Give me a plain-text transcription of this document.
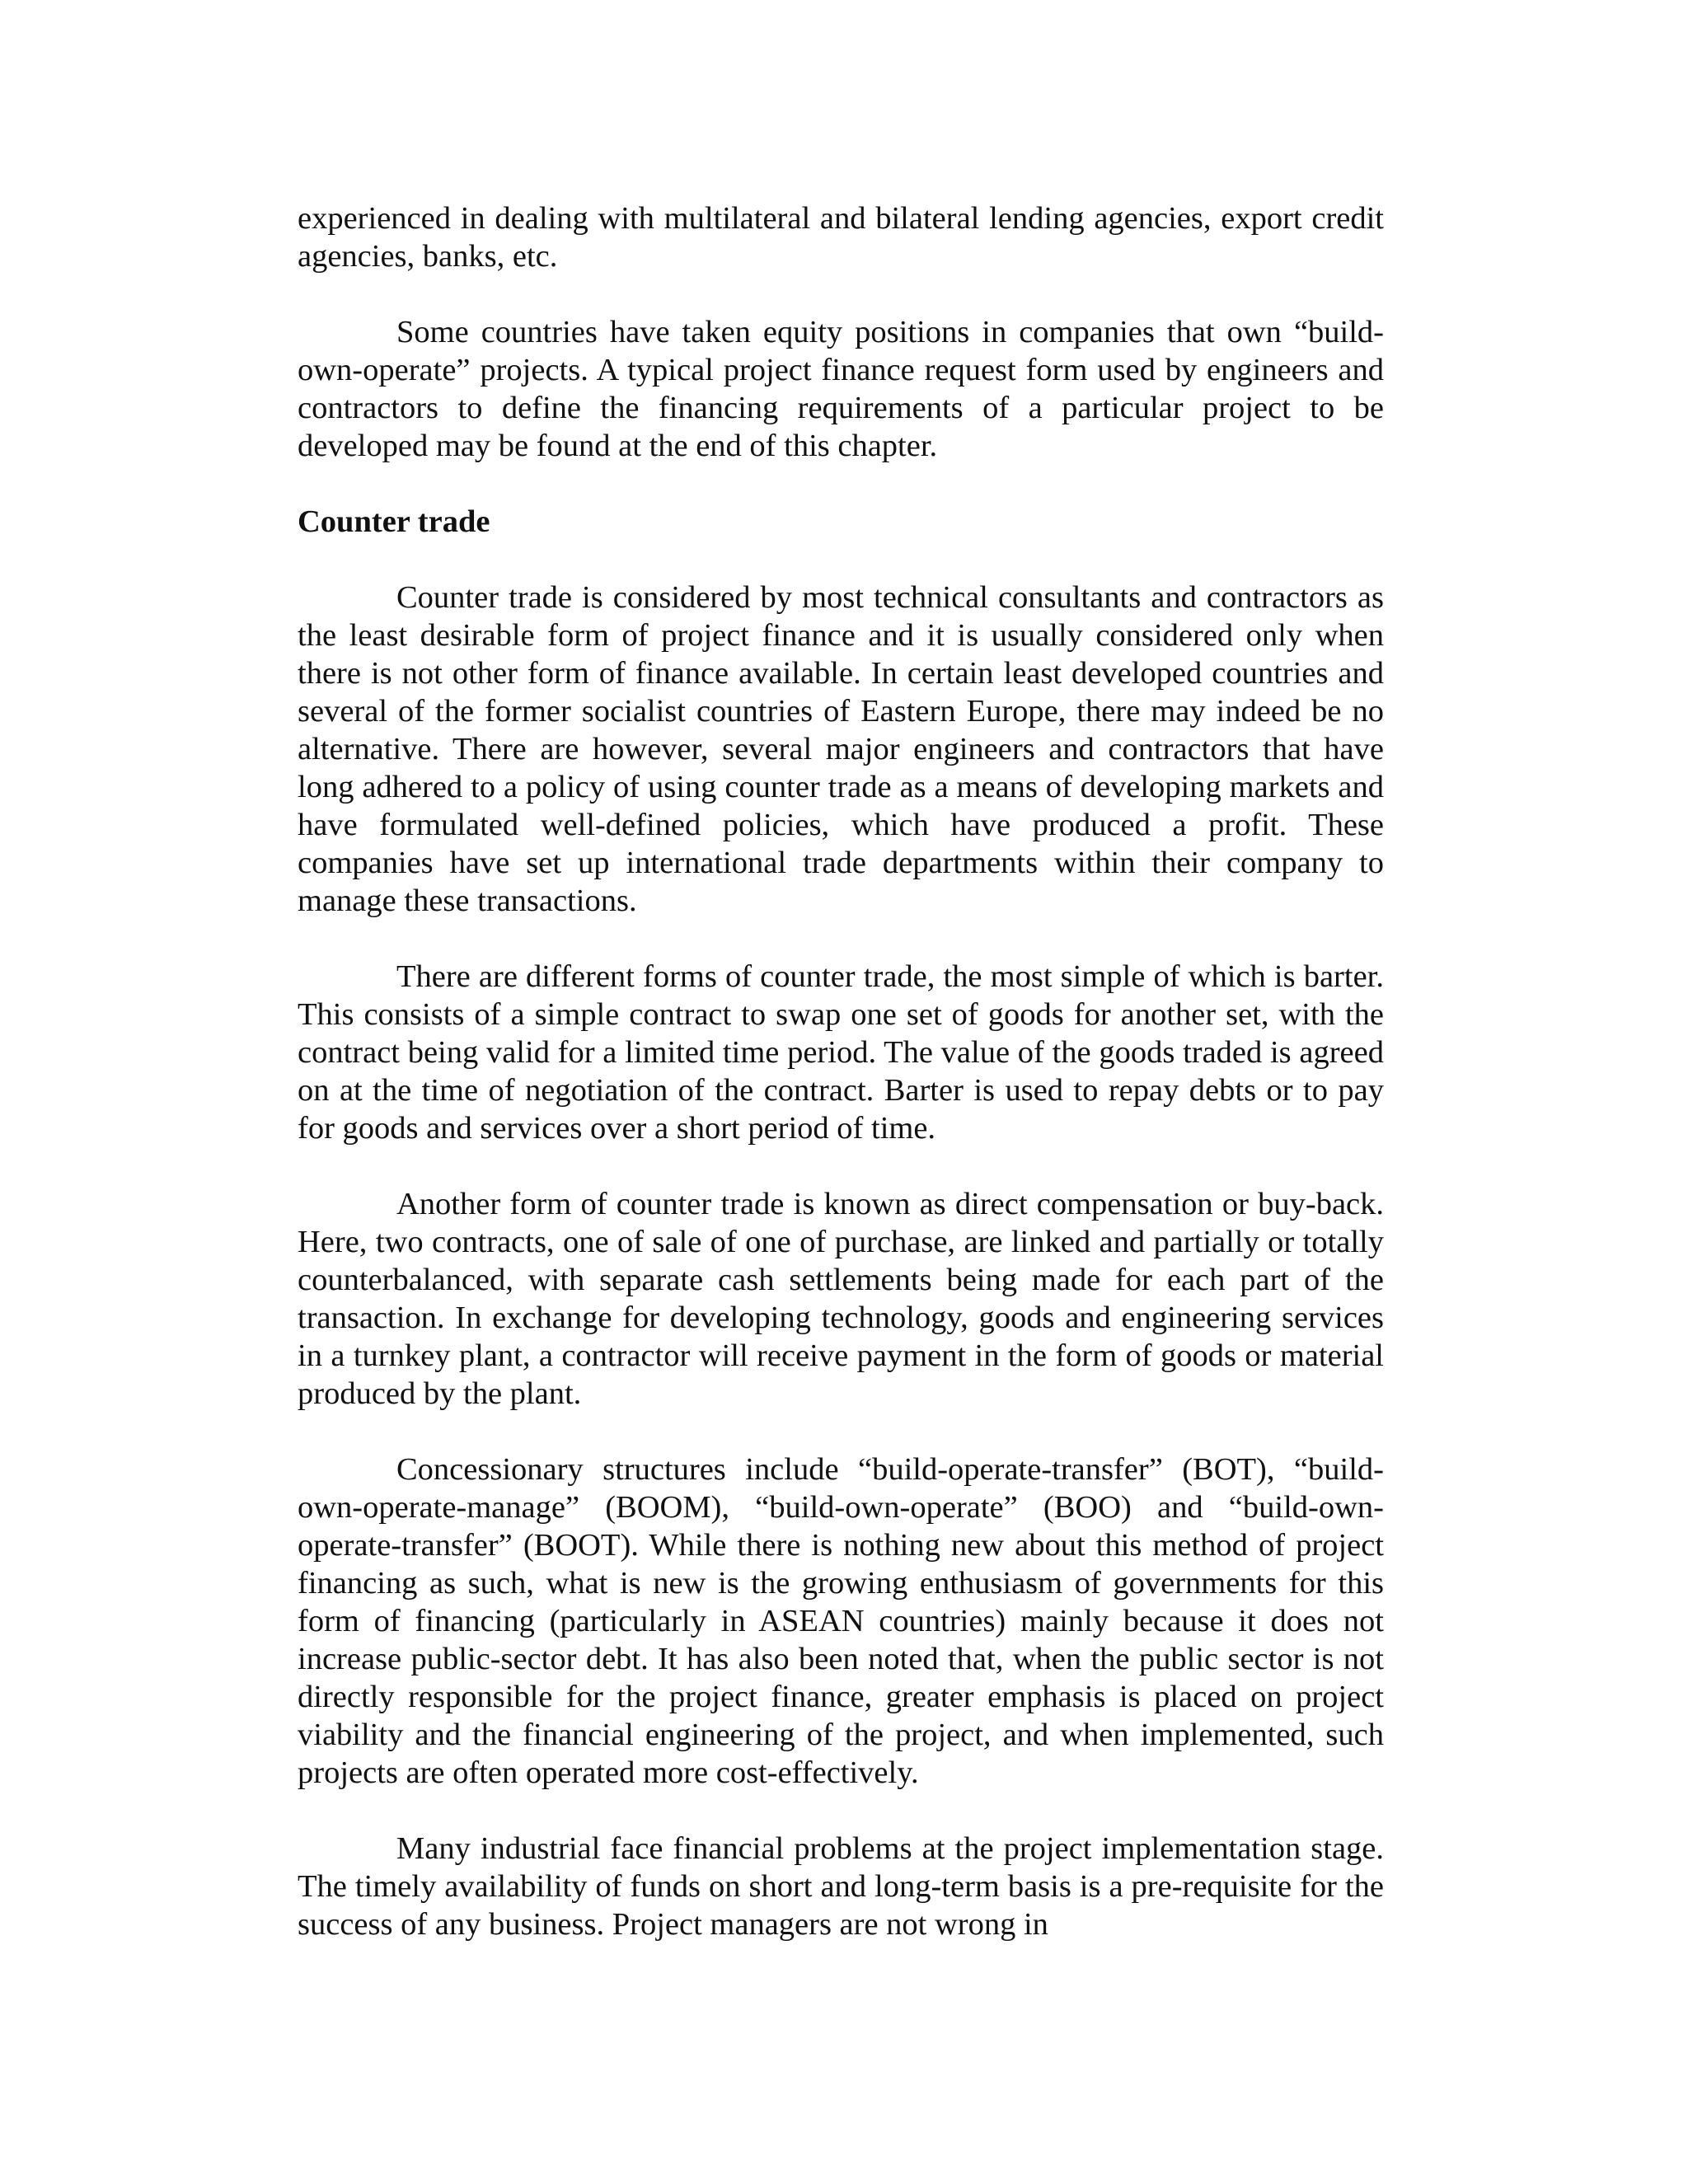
experienced in dealing with multilateral and bilateral lending agencies, export credit agencies, banks, etc.

Some countries have taken equity positions in companies that own “build-own-operate” projects. A typical project finance request form used by engineers and contractors to define the financing requirements of a particular project to be developed may be found at the end of this chapter.

Counter trade

Counter trade is considered by most technical consultants and contractors as the least desirable form of project finance and it is usually considered only when there is not other form of finance available. In certain least developed countries and several of the former socialist countries of Eastern Europe, there may indeed be no alternative. There are however, several major engineers and contractors that have long adhered to a policy of using counter trade as a means of developing markets and have formulated well-defined policies, which have produced a profit. These companies have set up international trade departments within their company to manage these transactions.

There are different forms of counter trade, the most simple of which is barter. This consists of a simple contract to swap one set of goods for another set, with the contract being valid for a limited time period. The value of the goods traded is agreed on at the time of negotiation of the contract. Barter is used to repay debts or to pay for goods and services over a short period of time.

Another form of counter trade is known as direct compensation or buy-back. Here, two contracts, one of sale of one of purchase, are linked and partially or totally counterbalanced, with separate cash settlements being made for each part of the transaction. In exchange for developing technology, goods and engineering services in a turnkey plant, a contractor will receive payment in the form of goods or material produced by the plant.

Concessionary structures include “build-operate-transfer” (BOT), “build-own-operate-manage” (BOOM), “build-own-operate” (BOO) and “build-own-operate-transfer” (BOOT). While there is nothing new about this method of project financing as such, what is new is the growing enthusiasm of governments for this form of financing (particularly in ASEAN countries) mainly because it does not increase public-sector debt. It has also been noted that, when the public sector is not directly responsible for the project finance, greater emphasis is placed on project viability and the financial engineering of the project, and when implemented, such projects are often operated more cost-effectively.

Many industrial face financial problems at the project implementation stage. The timely availability of funds on short and long-term basis is a pre-requisite for the success of any business. Project managers are not wrong in
